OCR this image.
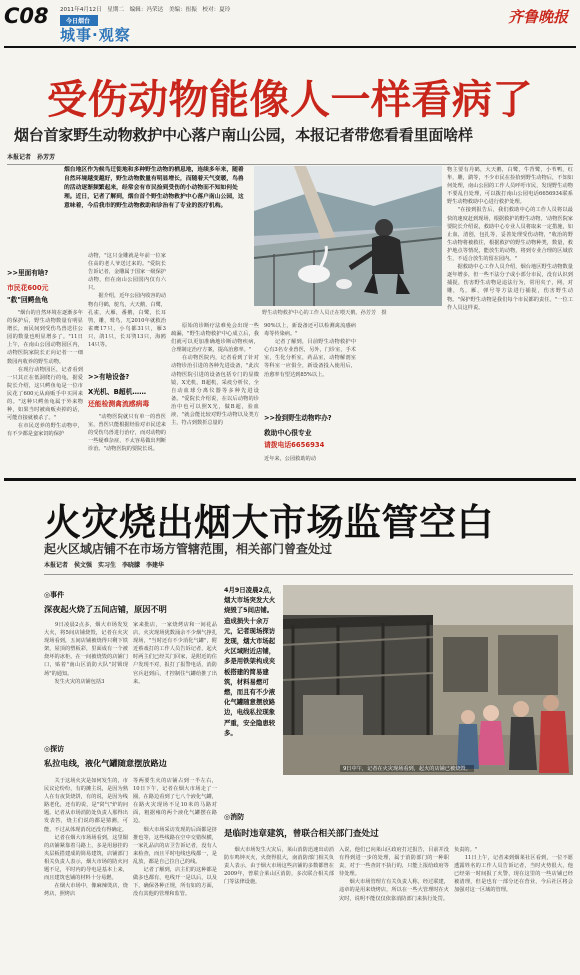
C08 2011年4月12日　星期二　编辑：冯荣达　美编：扭振　校对：夏玲
今日烟台
城事·观察
齐鲁晚报
受伤动物能像人一样看病了
烟台首家野生动物救护中心落户南山公园，本报记者带您看看里面啥样
本报记者　孙芳芳
烟台地区作为候鸟迁徙地和多种野生动物的栖息地，连续多年来，随着自然环境越变越好，野生动物数量有明显增长，而随着天气变暖，鸟兽的活动逐渐频繁起来，经常会有市民捡到受伤的小动物而不知如何处理。近日，记者了解到，烟台首个野生动物救护中心落户南山公园，这意味着，今后我市的野生动物救助和诊治有了专业的医疗机构。
野生动物救护中心的工作人员正在喂天鹅。孙芳芳　摄
物主要有丹鹤，大天鹅，白鹭，牛背鹭，小苇鸭，红隼，雕，鹞等，不少市民在捡拾到野生动物后，不知如何处理，南山公园的工作人员呼吁市民，发现野生动物不要乱自处理，可以拨打南山公园电话6656934联系野生动物救助中心进行救护处理。
　　"在接到报告后，我们救助中心的工作人员将以最快的速度赶到现场，根据救护的野生动物，'动物医院家要院长介绍说，救助中心专业人员将取来一定措施，如止血，清创，包扎等，妥善处理受伤动物，"收治的野生动物将被救往，根据救护的野生动物种类，数量，救护地点等情况，能放生的动物，将到专业合理的区域放生，不适合放生的留在园内。"
　　据救助中心工作人员介绍，烟台地区野生动物数量逐年增多，但一些不法分子或小部分市民，没有认识到捕捉，伤害野生动物是违法行为，常用夹子，网，对雕，鸟，雁，弹号等方法进行捕捉，伤害野生动物。"保护野生动物是我们每个市民都的责任。"一位工作人员这样说。
>>里面有啥?
市民花600元
"救"回鳄鱼龟
　　"烟台的自然环境在逐渐多年的保护后，野生动物数量有明显增长，而民间到受伤鸟兽送往公园的数量也明显增多了。"11日上午，在南山公园动物园区内，动物医院家院长正向记者一一细数园内收养的野生动物。
　　在现行动物园区，记者看到一只其正在低洞爬行的龟，据爱院长介绍，这只鳄鱼龟是一位市民花了600元从商贩手中买回来的。"这种只鳄鱼龟属于外来物种，如果当时被商贩卖掉的话，可能直接就被杀了。"
　　在市民送养的野生动物中，有不少都是蛮家饲的保护
动物，"这只金雕就是年前一位家住高的老人爷送过来的。"爱院长告诉记者，金雕属于国家一级保护动物，但在南山公园国内仅有六只。
　　据介绍，近年公园内收容的动物有丹鹤，鸵鸟，大天鹅，白鹭，孔雀，大雁，番鹅，白鹭，长耳鸮，雕，鹫鸟，兀2010年就救治雀鹰17只，小鸟都31只，雁3只，鸽1只，长耳鸮13只，海鸥14只等。
>>有啥设备?
X光机、B超机……
还能检测禽流感病毒
　　"动物医院就只有单一的兽医室，兽医只能根据经验对市民送来的受伤鸟兽进行治疗，而对动物的一些疑难杂症，不太容易做出判断诊治。"动物医院的要院长说。
　　原始的诊断疗法难免会出现一些疏漏，"野生动物救护中心成立后，我们就可以更加准确地诊断动物疾病，合理制定治疗方案，提高治愈率。"
　　在动物医院内，记者看到了针对动物诊治引进的各种先进设备，"此次动物医院引进的设备包括专门的显微镜，X光机，B超机，采疫分析仪，全自动血球分离仪器等多种先进设备。"爱院长介绍说，在以后动物的诊治中也可以照X光，做B超，验血液，"就会能比较对野生动物以及类方主，符占到数折总量的
90%以上，新设备还可以检测禽流感病毒等传染病。"
　　记者了解到，目前野生动物救护中心有3名专业兽医，另外，门诊室，手术室，生化分析室，药品室，动物解剖室等科室一应俱全，新设备投入使用后，治愈率有望达到85%以上。
>>捡到野生动物咋办?
救助中心很专业
请拨电话6656934
近年来，公园救助的动
火灾烧出烟大市场监管空白
起火区域店铺不在市场方管辖范围，相关部门曾查处过
本报记者　侯文强　实习生　李晓朦　李建华
◎事件
深夜起火烧了五间店铺，原因不明
　　9日凌晨2点多，烟大市场发发大火，将5间店铺烧毁，记者在火灾现场看到，五间店铺被烧得只剩下铁架，屋顶的塑板彩，里面成有一个被烧坏的冰柜。在一间被烧毁的店铺门口，贴着"南山区消防大队"封锁现场"的通知。
　　发生火灾的店铺包括3
家来批店，一家烧烤店和一间花品店，火灾现场犹数涌余不少烟气挣扎现场，"当时还有不少消化气罐"，附近蔡戏打的工作人员告诉记者，起火时两主们已经关门回家，是附近的住户发现不对，报打了报警电话，消防官兵赶到后，才控制住气罐给推了出来。
4月9日凌晨2点，烟大市场突发大火烧毁了5间店铺。造成损失十余万元，记者现场探访发现，烟大市场起火区域附近店铺，多是用铁架构成夹板搭建的简易建筑，材料易燃可燃，而且有不少液化气罐随意摆放路边，电线私拉现象严重，安全隐患较多。
9日中午，记者在火灾现场看到，起火的店铺已被烧毁。
◎探访
私拉电线，液化气罐随意摆放路边
　　关于这场火灾是如何发生的，市民议论纷纷，有的摊主说，是因为熟人在有夜货烧饼，有的说，是因为线路老化，还有的说，是"窝气"炉的问题。记者从市场消防处负责人那得出发表答，烧主们说的都是猜测，可能，不过从体现消况还没有得确定。
　　记者在烟大市场场看到，这里铜的店铺紧靠着马路上，多是用悬挂的夹层板搭建成的简易建筑，店铺部门相关负责人表示，烟大市场的防火问题不足，平时内的导电是基本上来，而且建筑也铺的材料十分易燃。
　　在烟大市场中，像麻辣烫店，烧烤店，照烤店
等两要生火的店铺占到一半左右，10日下午，记者在烟大市场走了一圈，在路边看到了七八个液化气罐，在路火灾现场不足10米的马路对面，粗据雍的两个液化气罐摆在路边。
　　烟大市场采访发现的后面都是挤推也等，这些线路在空中交错纵横，一家礼品店的店卫告诉记者，没有人来检查，而且平时电线也线都一，是乱放，都是自己拉自己的线。
　　记者了解到，店主们的这种都是做多也都有，电线开一是以后，以及下，确保各种正规，所有如的方面，没有其他的管理和监管。
◎消防
是临时违章建筑，曾联合相关部门查处过
　　烟大市场发生大灾后，莱山消防迅速出动消防车鸣钟灭火，火烧得很大，南消防部门相关负责人表示，由于烟大市场这些店铺的多数都曾在2009年，曾联合莱山区消防，多次联合相关部门等法律设施，
入说，他们已向莱山区政府打过报告，目前并没有得到进一步的处理，属于消防部门的一种职责，对于一些查封不执行的，只能上报给政府等待处理。
　　烟大市场管理方有关负责人称，经过联建，违章的是用来烧烤店，所以在一些大管理时在火灾时，说明不能仅仅依靠消防部门来执行处罚。
负责的。"
　　11日上午，记者来到烟莱社区看到，一位不愿透露姓名的工作人员告诉记者，当时火势很大，他已经第一时间报了火警，现在这里的一些店铺已经被清理，但是也有一部分还在营业，今后社区将会加强对这一区域的管理。
